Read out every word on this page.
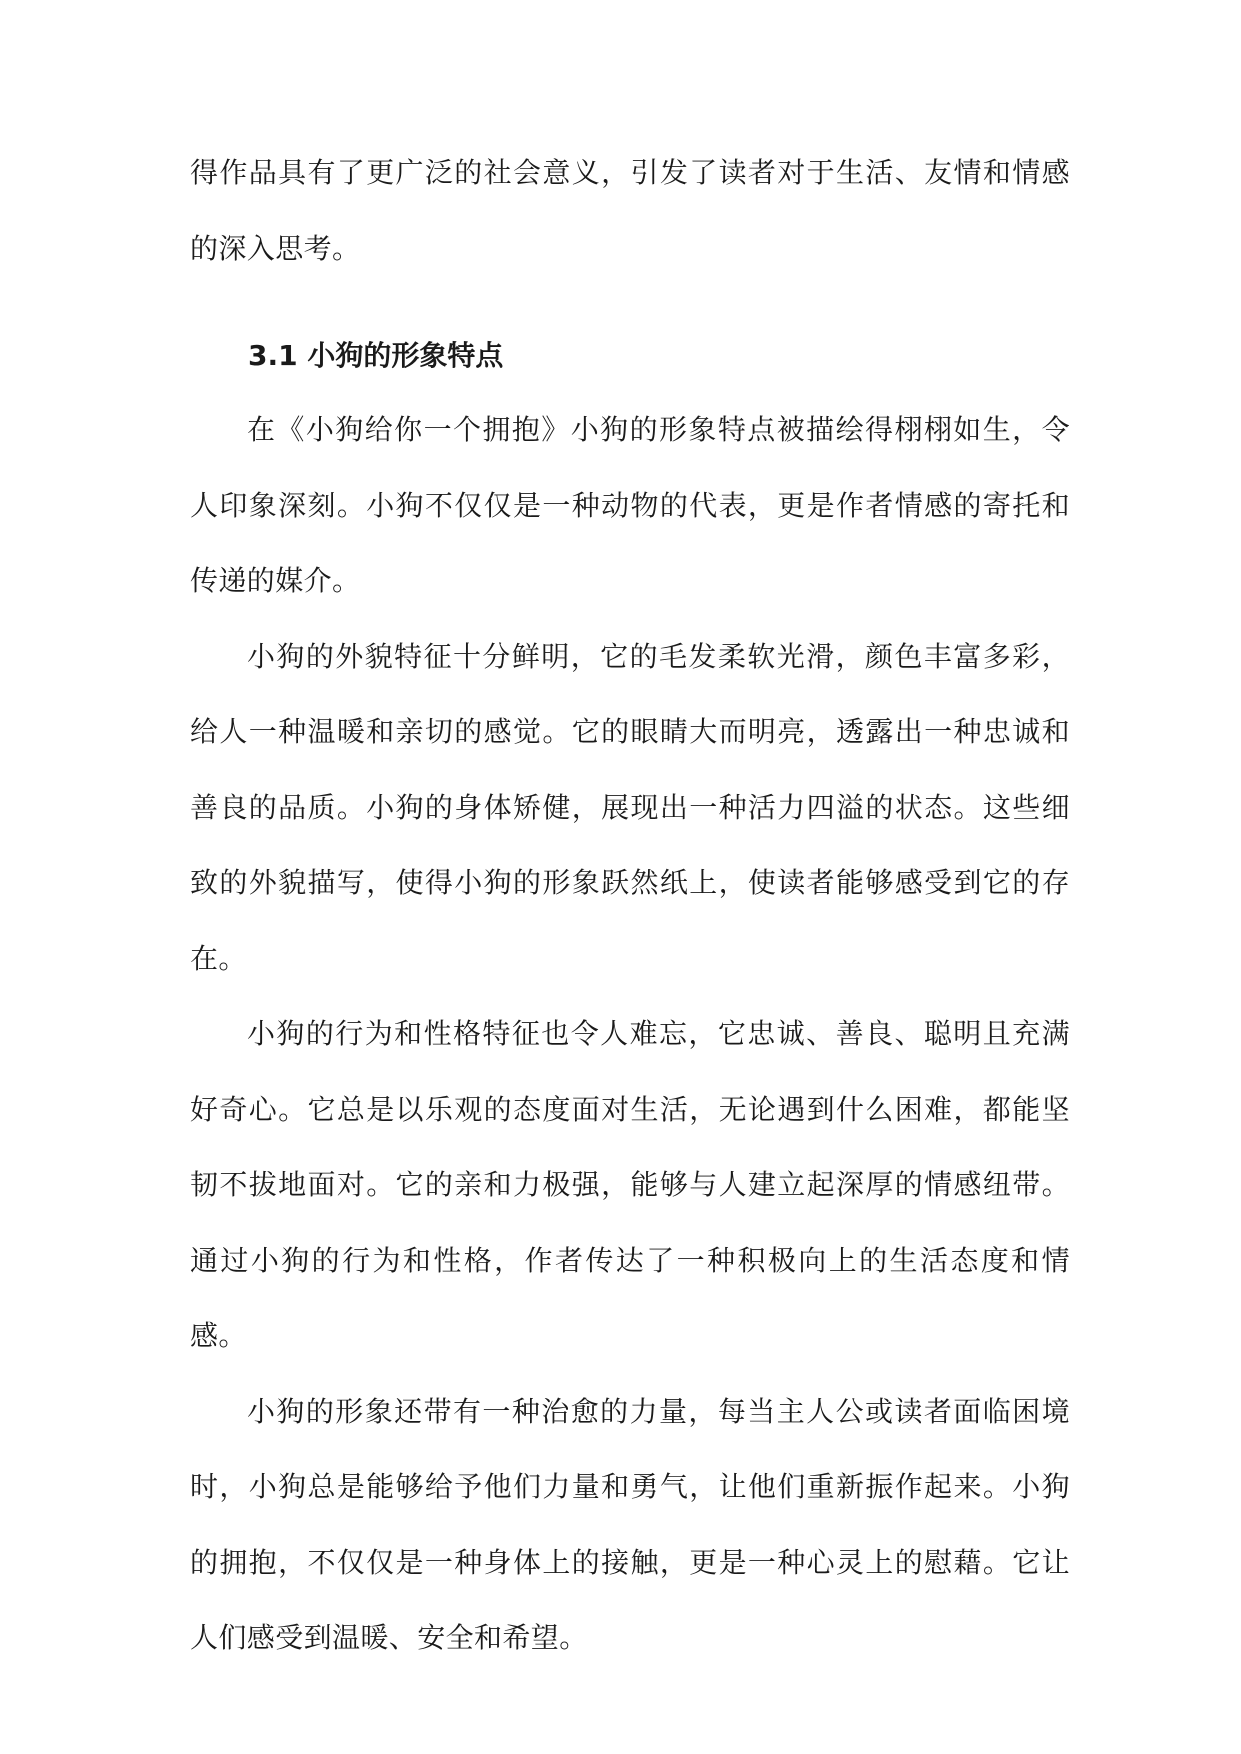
得作品具有了更广泛的社会意义，引发了读者对于生活、友情和情感的深入思考。

3.1 小狗的形象特点

在《小狗给你一个拥抱》小狗的形象特点被描绘得栩栩如生，令人印象深刻。小狗不仅仅是一种动物的代表，更是作者情感的寄托和传递的媒介。

小狗的外貌特征十分鲜明，它的毛发柔软光滑，颜色丰富多彩，给人一种温暖和亲切的感觉。它的眼睛大而明亮，透露出一种忠诚和善良的品质。小狗的身体矫健，展现出一种活力四溢的状态。这些细致的外貌描写，使得小狗的形象跃然纸上，使读者能够感受到它的存在。

小狗的行为和性格特征也令人难忘，它忠诚、善良、聪明且充满好奇心。它总是以乐观的态度面对生活，无论遇到什么困难，都能坚韧不拔地面对。它的亲和力极强，能够与人建立起深厚的情感纽带。通过小狗的行为和性格，作者传达了一种积极向上的生活态度和情感。

小狗的形象还带有一种治愈的力量，每当主人公或读者面临困境时，小狗总是能够给予他们力量和勇气，让他们重新振作起来。小狗的拥抱，不仅仅是一种身体上的接触，更是一种心灵上的慰藉。它让人们感受到温暖、安全和希望。
